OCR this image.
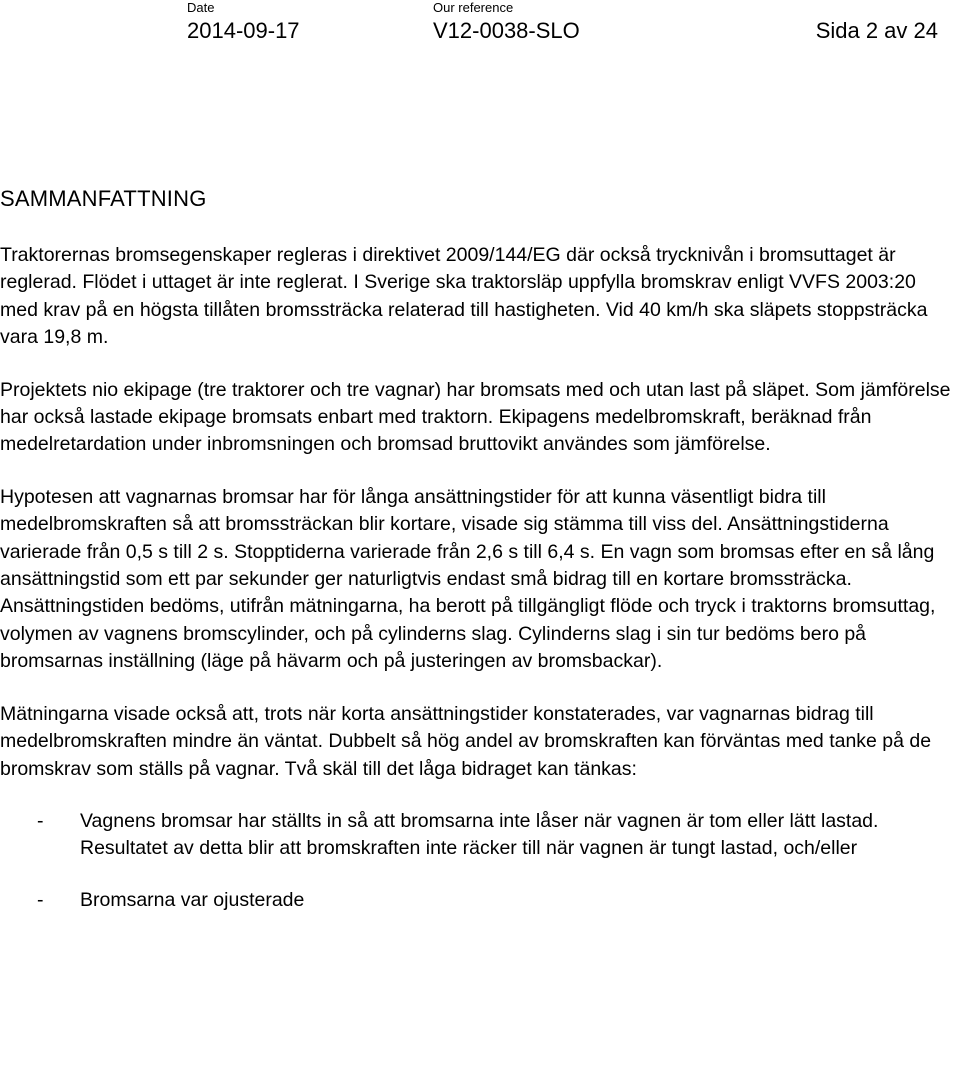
Date
2014-09-17
Our reference
V12-0038-SLO	Sida 2 av 24
SAMMANFATTNING

Traktorernas bromsegenskaper regleras i direktivet 2009/144/EG där också trycknivån i bromsuttaget är reglerad. Flödet i uttaget är inte reglerat. I Sverige ska traktorsläp uppfylla bromskrav enligt VVFS 2003:20 med krav på en högsta tillåten bromssträcka relaterad till hastigheten. Vid 40 km/h ska släpets stoppsträcka vara 19,8 m.

Projektets nio ekipage (tre traktorer och tre vagnar) har bromsats med och utan last på släpet. Som jämförelse har också lastade ekipage bromsats enbart med traktorn. Ekipagens medelbromskraft, beräknad från medelretardation under inbromsningen och bromsad bruttovikt användes som jämförelse.

Hypotesen att vagnarnas bromsar har för långa ansättningstider för att kunna väsentligt bidra till medelbromskraften så att bromssträckan blir kortare, visade sig stämma till viss del. Ansättningstiderna varierade från 0,5 s till 2 s. Stopptiderna varierade från 2,6 s till 6,4 s. En vagn som bromsas efter en så lång ansättningstid som ett par sekunder ger naturligtvis endast små bidrag till en kortare bromssträcka. Ansättningstiden bedöms, utifrån mätningarna, ha berott på tillgängligt flöde och tryck i traktorns bromsuttag, volymen av vagnens bromscylinder, och på cylinderns slag. Cylinderns slag i sin tur bedöms bero på bromsarnas inställning (läge på hävarm och på justeringen av bromsbackar).

Mätningarna visade också att, trots när korta ansättningstider konstaterades, var vagnarnas bidrag till medelbromskraften mindre än väntat. Dubbelt så hög andel av bromskraften kan förväntas med tanke på de bromskrav som ställs på vagnar. Två skäl till det låga bidraget kan tänkas:

- Vagnens bromsar har ställts in så att bromsarna inte låser när vagnen är tom eller lätt lastad. Resultatet av detta blir att bromskraften inte räcker till när vagnen är tungt lastad, och/eller
- Bromsarna var ojusterade
